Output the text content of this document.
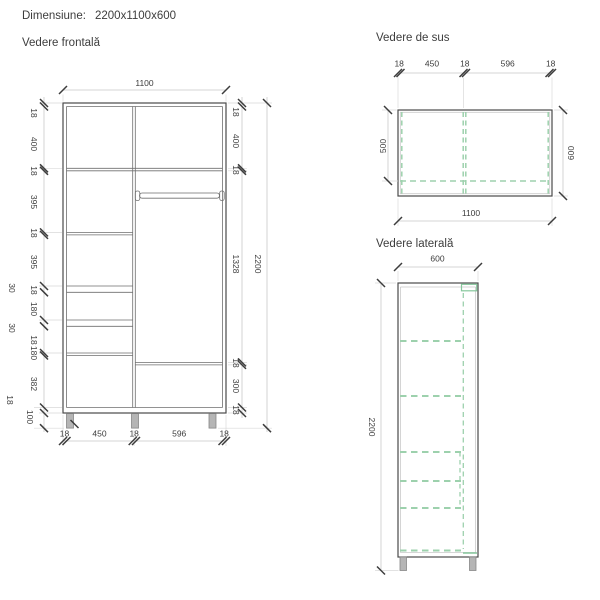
Dimensiune: 2200x1100x600
Vedere frontală
1100
18
400
18
395
18
395
18
180
18
180
382
100
30
30
18
18
400
18
1328
18
300
18
2200
18	450	18	596	18
Vedere de sus
18 450 18	596	18
500	600
1100
Vedere laterală
600
2200
